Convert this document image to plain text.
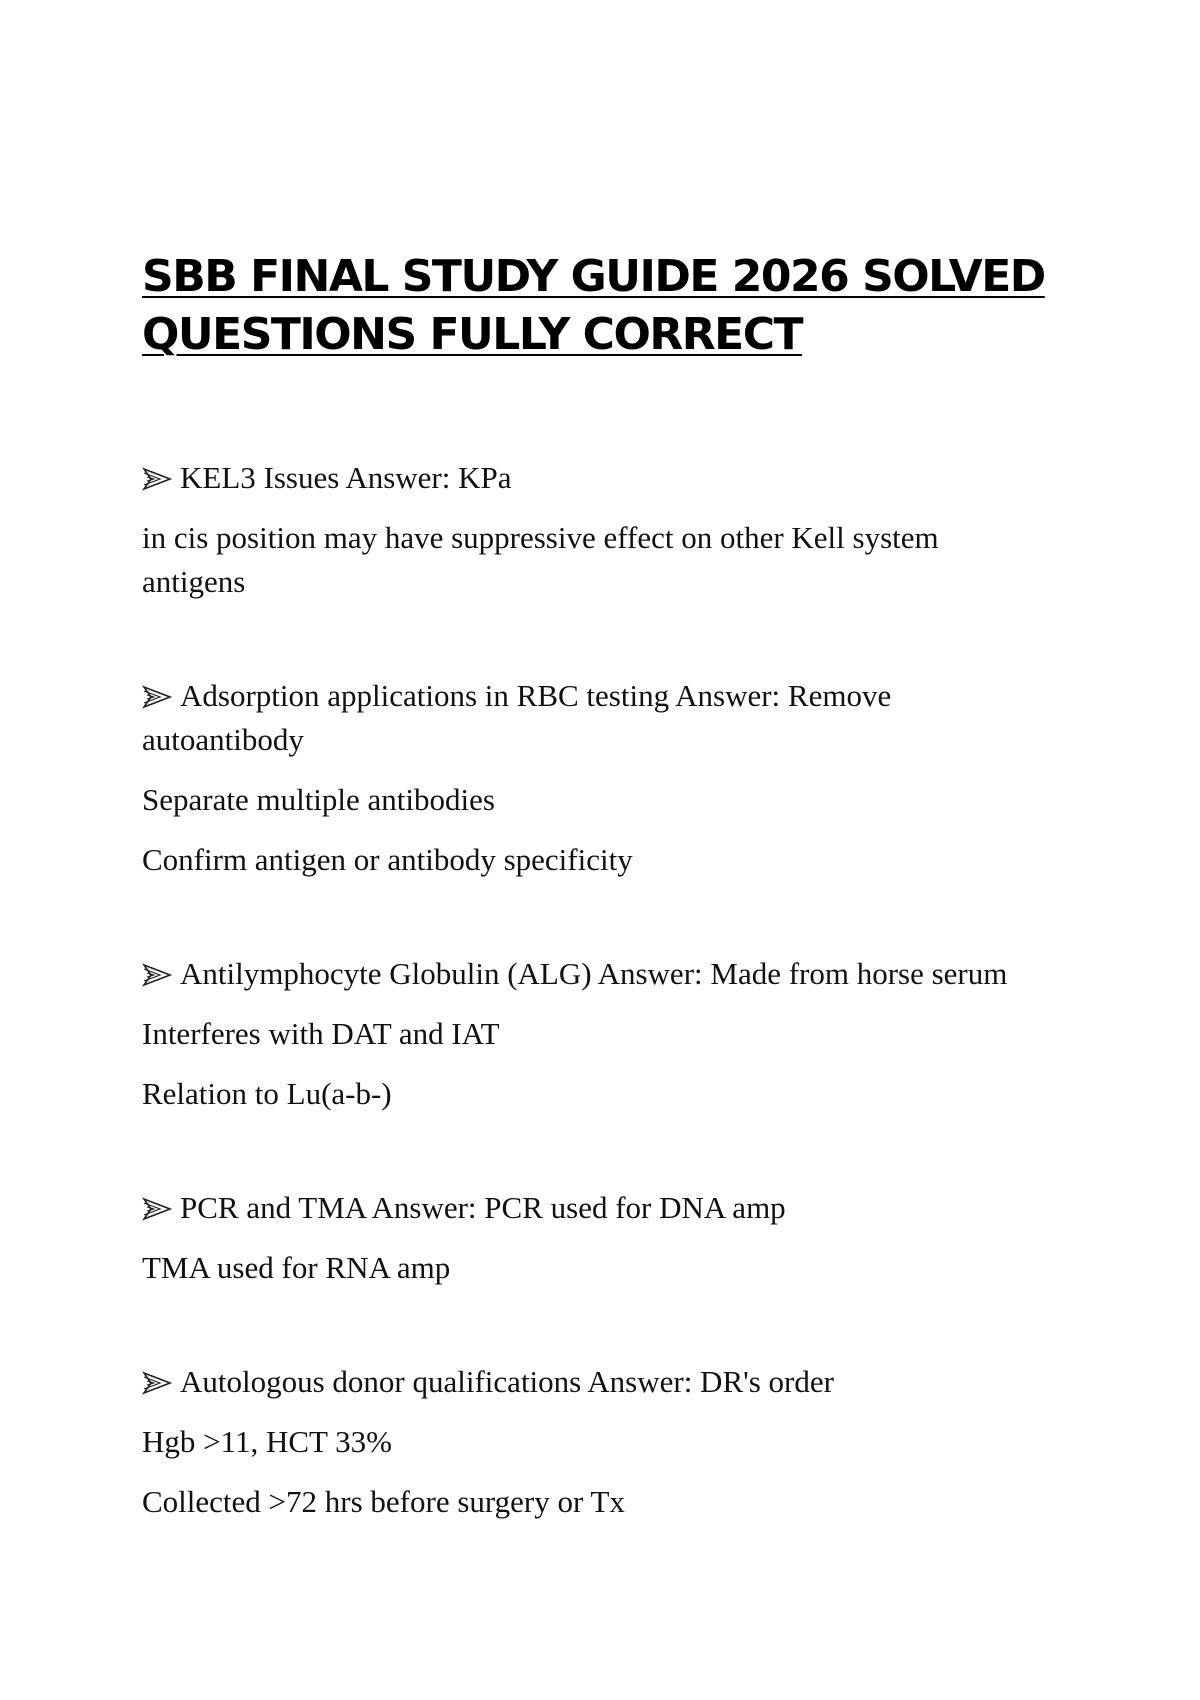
SBB FINAL STUDY GUIDE 2026 SOLVED
QUESTIONS FULLY CORRECT

KEL3 Issues Answer: KPa

in cis position may have suppressive effect on other Kell system antigens

Adsorption applications in RBC testing Answer: Remove autoantibody

Separate multiple antibodies

Confirm antigen or antibody specificity

Antilymphocyte Globulin (ALG) Answer: Made from horse serum

Interferes with DAT and IAT

Relation to Lu(a-b-)

PCR and TMA Answer: PCR used for DNA amp

TMA used for RNA amp

Autologous donor qualifications Answer: DR's order

Hgb >11, HCT 33%

Collected >72 hrs before surgery or Tx
